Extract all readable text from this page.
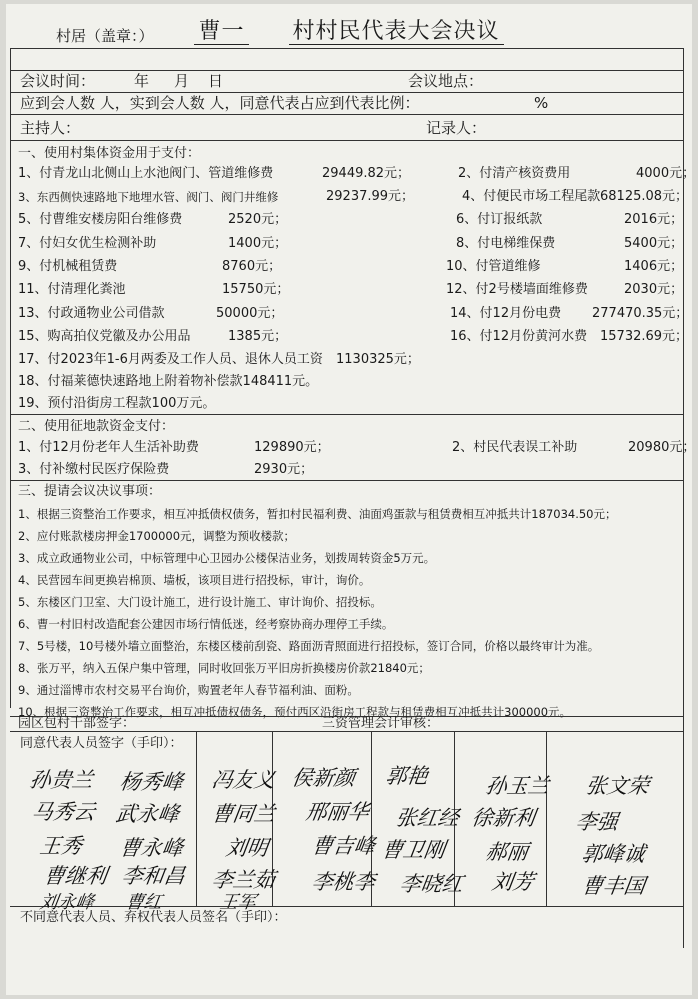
曹一 村村民代表大会决议
村居（盖章：）
会议时间：	年 月 日	会议地点：
应到会人数 人，实到会人数 人，同意代表占应到代表比例：	%
主持人：	记录人：
一、使用村集体资金用于支付：
1、付青龙山北侧山上水池阀门、管道维修费	29449.82元；	2、付清产核资费用	4000元；
3、东西侧快速路地下地埋水管、阀门、阀门井维修	29237.99元；	4、付便民市场工程尾款 68125.08元；
5、付曹维安楼房阳台维修费	2520元；	6、付订报纸款	2016元；
7、付妇女优生检测补助	1400元；	8、付电梯维保费	5400元；
9、付机械租赁费	8760元；	10、付管道维修	1406元；
11、付清理化粪池	15750元；	12、付2号楼墙面维修费	2030元；
13、付政通物业公司借款	50000元；	14、付12月份电费 277470.35元；
15、购高拍仪党徽及办公用品	1385元；	16、付12月份黄河水费 15732.69元；
17、付2023年1-6月两委及工作人员、退休人员工资 1130325元；
18、付福莱德快速路地上附着物补偿款148411元。
19、预付沿街房工程款100万元。
二、使用征地款资金支付：
1、付12月份老年人生活补助费	129890元；	2、村民代表误工补助	20980元；
3、付补缴村民医疗保险费	2930元；
三、提请会议决议事项：
1、根据三资整治工作要求，相互冲抵债权债务，暂扣村民福利费、油面鸡蛋款与租赁费相互冲抵共计187034.50元；
2、应付账款楼房押金1700000元，调整为预收楼款；
3、成立政通物业公司，中标管理中心卫园办公楼保洁业务，划拨周转资金5万元。
4、民营园车间更换岩棉顶、墙板，该项目进行招投标，审计，询价。
5、东楼区门卫室、大门设计施工，进行设计施工、审计询价、招投标。
6、曹一村旧村改造配套公建因市场行情低迷，经考察协商办理停工手续。
7、5号楼，10号楼外墙立面整治，东楼区楼前刮瓷、路面沥青照面进行招投标，签订合同，价格以最终审计为准。
8、张万平，纳入五保户集中管理，同时收回张万平旧房折换楼房价款21840元；
9、通过淄博市农村交易平台询价，购置老年人春节福利油、面粉。
10、根据三资整治工作要求，相互冲抵债权债务，预付西区沿街房工程款与租赁费相互冲抵共计300000元。
园区包村干部签字：	三资管理会计审核：
同意代表人员签字（手印）：
孙贵兰 杨秀峰 冯友义 侯新颜 郭艳	孙玉兰 张文荣
马秀云 武永峰 曹同兰 邢丽华 张红经 徐新利 李强
王秀 曹永峰 刘明 曹吉峰 曹卫刚 郝丽 郭峰诚
曹继利 李和昌 李兰茹 李桃李 李晓红 刘芳 曹丰国
刘永峰 曹红	王军
不同意代表人员、弃权代表人员签名（手印）：
